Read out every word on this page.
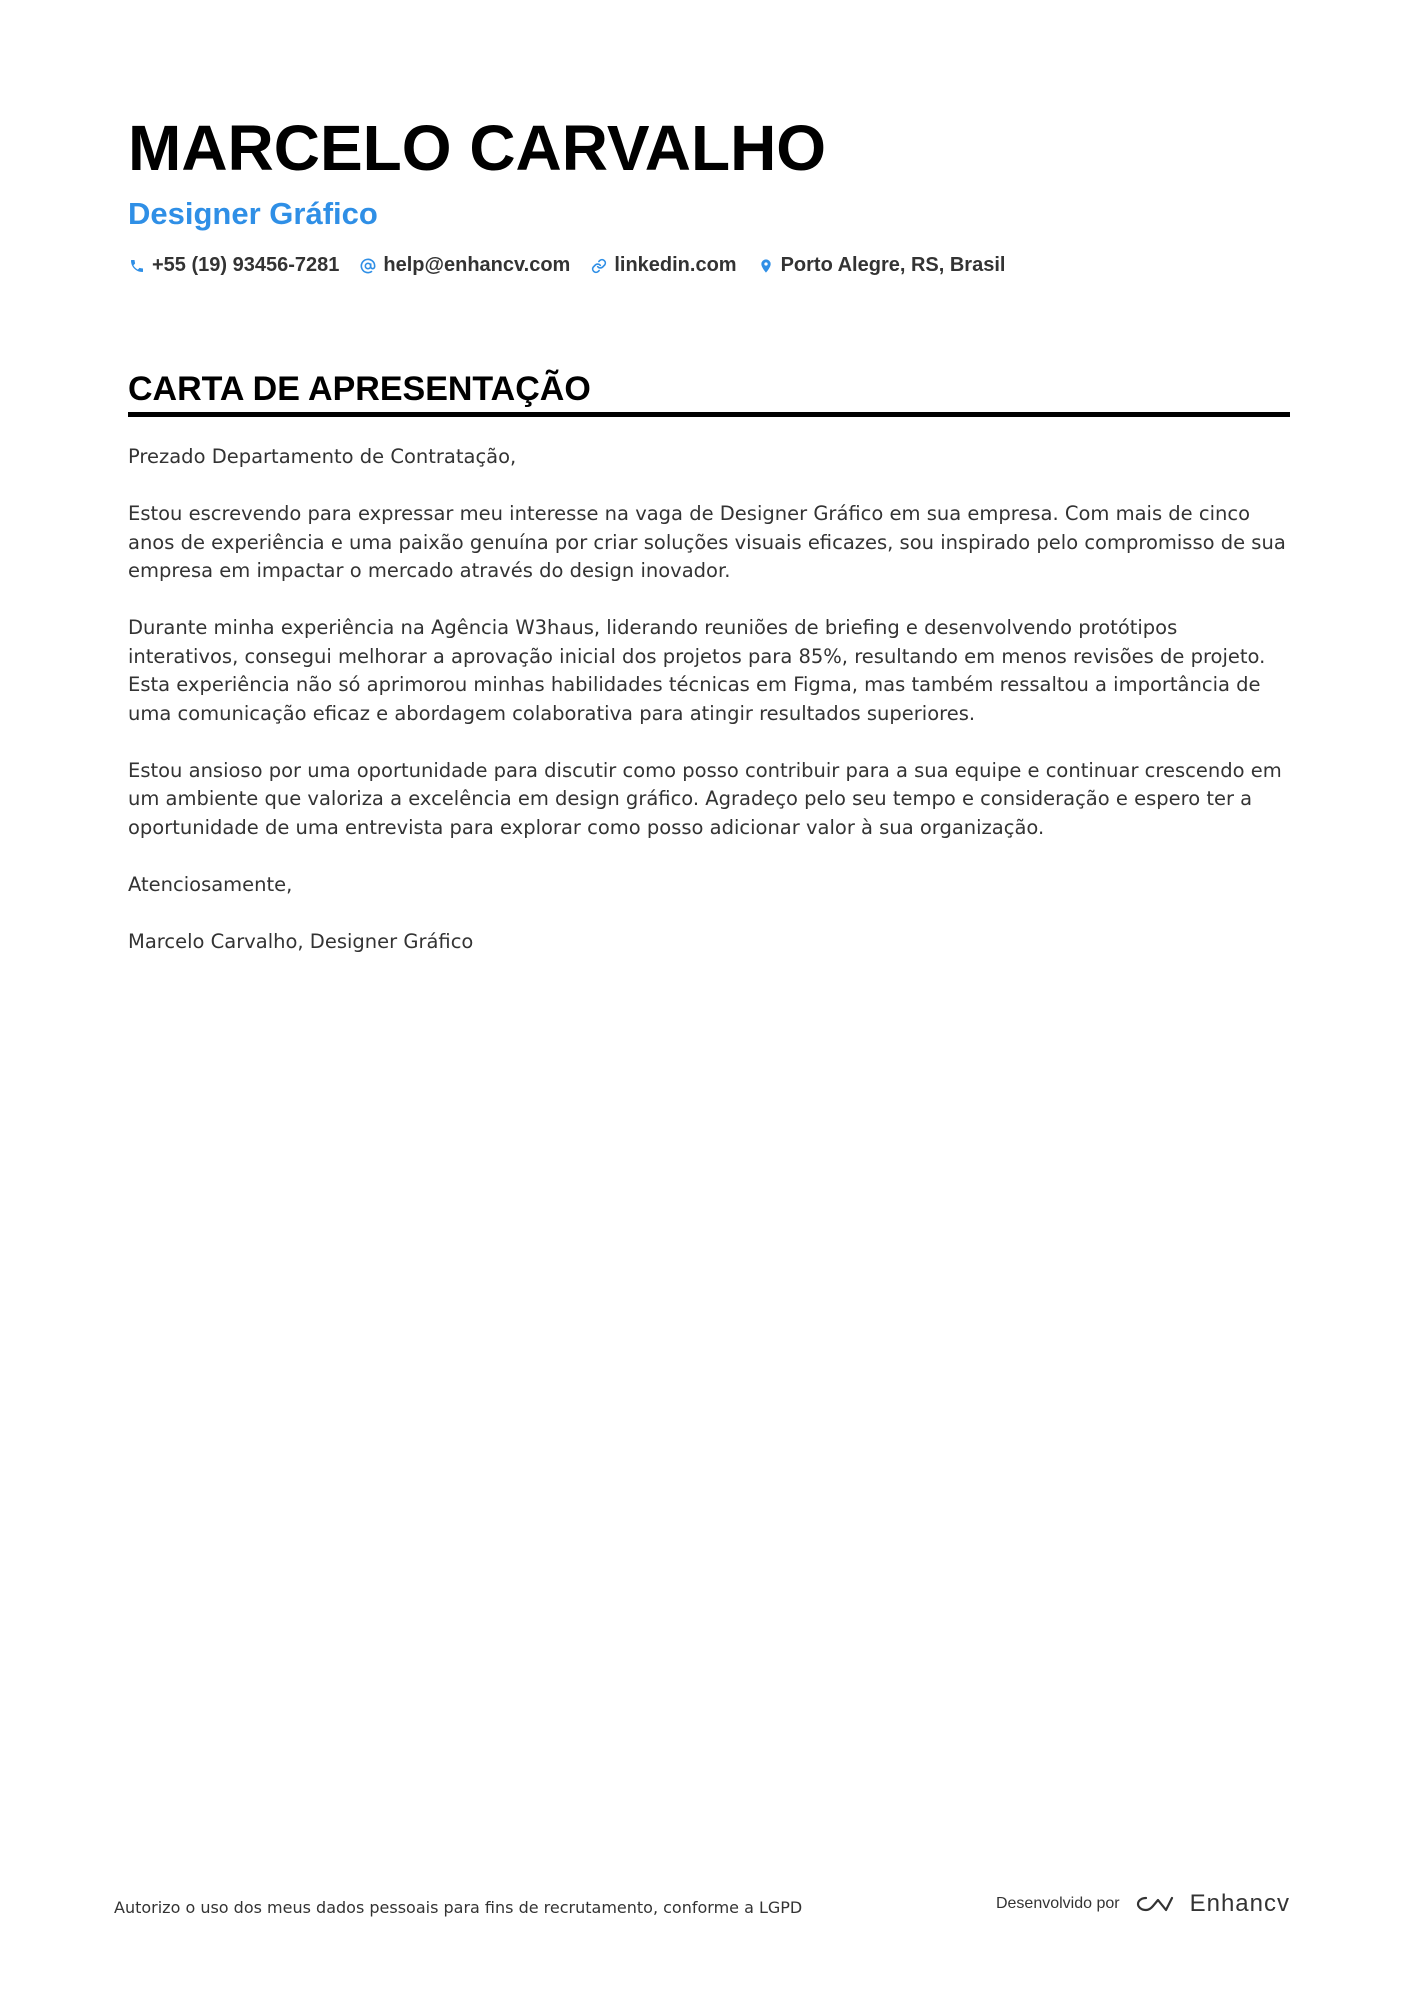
MARCELO CARVALHO
Designer Gráfico
+55 (19) 93456-7281 help@enhancv.com linkedin.com Porto Alegre, RS, Brasil
CARTA DE APRESENTAÇÃO

Prezado Departamento de Contratação,

Estou escrevendo para expressar meu interesse na vaga de Designer Gráfico em sua empresa. Com mais de cinco anos de experiência e uma paixão genuína por criar soluções visuais eficazes, sou inspirado pelo compromisso de sua empresa em impactar o mercado através do design inovador.

Durante minha experiência na Agência W3haus, liderando reuniões de briefing e desenvolvendo protótipos interativos, consegui melhorar a aprovação inicial dos projetos para 85%, resultando em menos revisões de projeto. Esta experiência não só aprimorou minhas habilidades técnicas em Figma, mas também ressaltou a importância de uma comunicação eficaz e abordagem colaborativa para atingir resultados superiores.

Estou ansioso por uma oportunidade para discutir como posso contribuir para a sua equipe e continuar crescendo em um ambiente que valoriza a excelência em design gráfico. Agradeço pelo seu tempo e consideração e espero ter a oportunidade de uma entrevista para explorar como posso adicionar valor à sua organização.

Atenciosamente,

Marcelo Carvalho, Designer Gráfico

Autorizo o uso dos meus dados pessoais para fins de recrutamento, conforme a LGPD	Desenvolvido por	Enhancv
